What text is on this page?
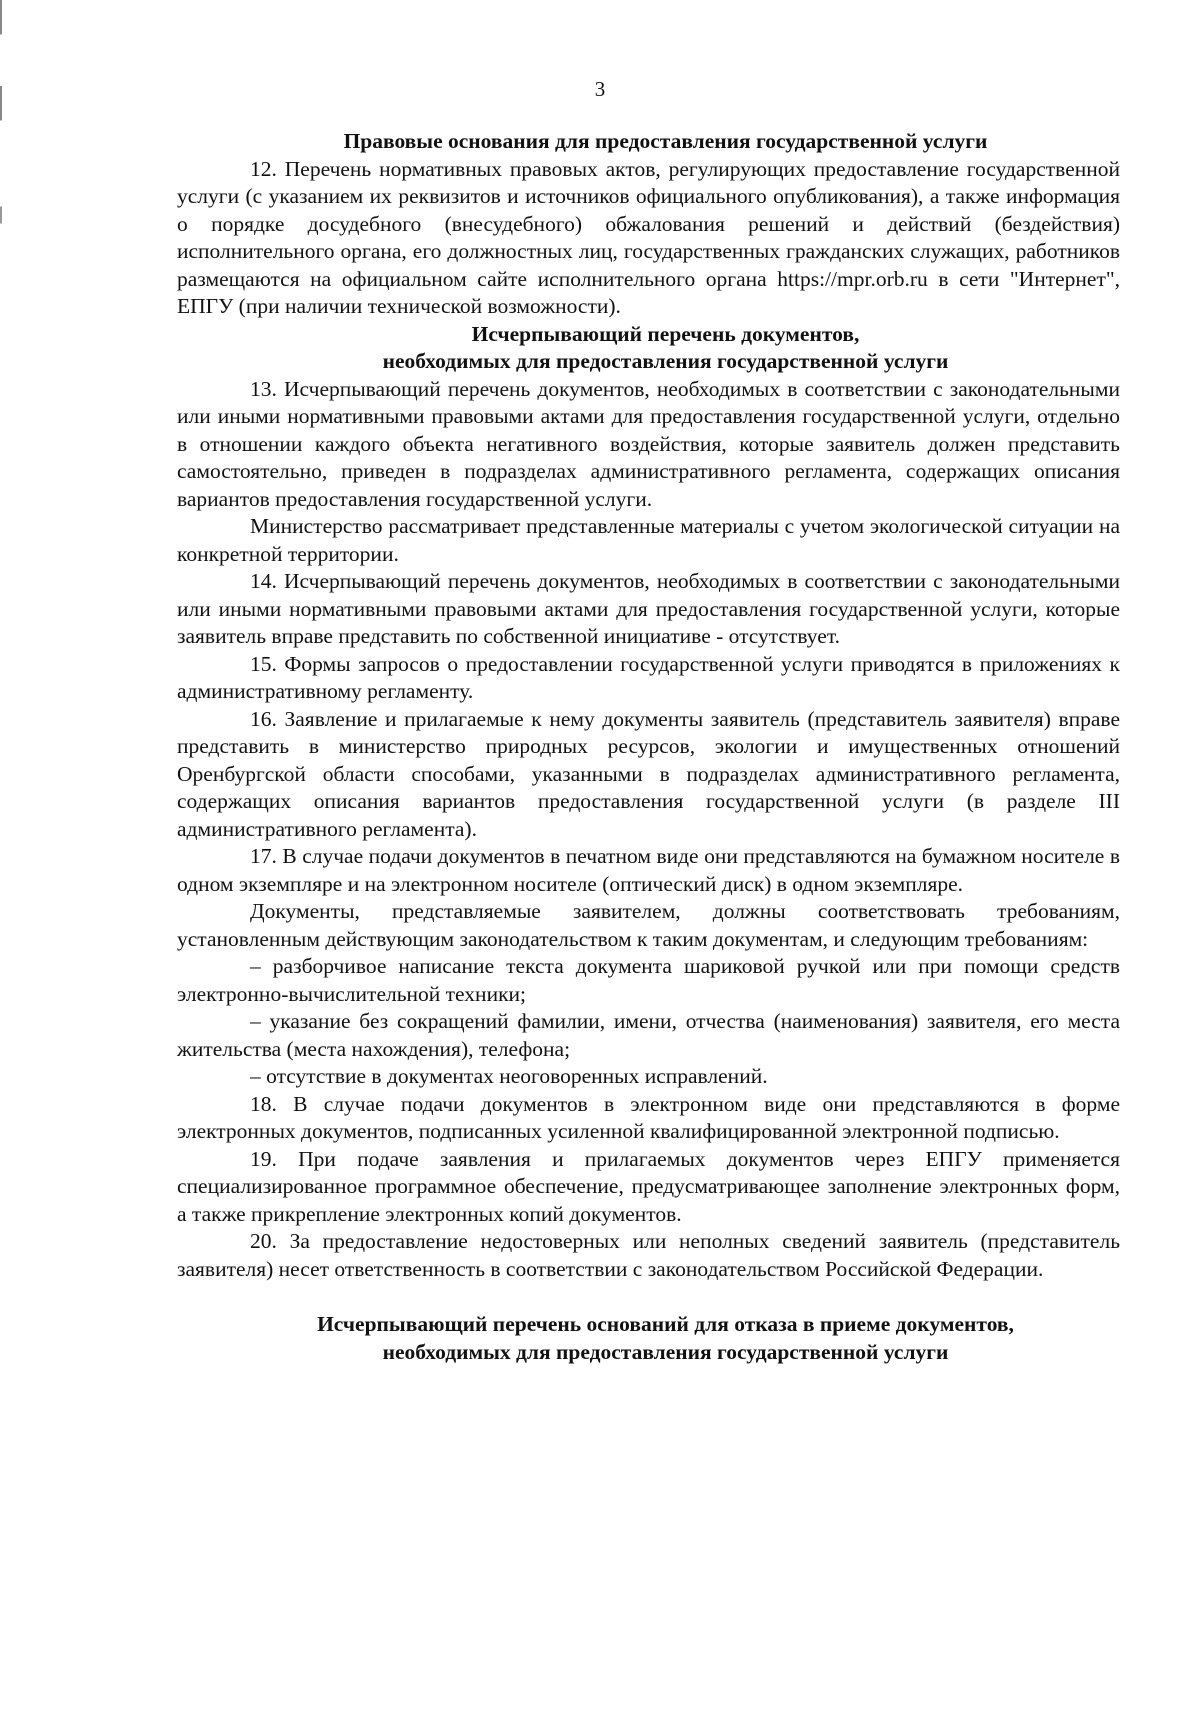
3

Правовые основания для предоставления государственной услуги

12. Перечень нормативных правовых актов, регулирующих предоставление государственной услуги (с указанием их реквизитов и источников официального опубликования), а также информация о порядке досудебного (внесудебного) обжалования решений и действий (бездействия) исполнительного органа, его должностных лиц, государственных гражданских служащих, работников размещаются на официальном сайте исполнительного органа https://mpr.orb.ru в сети "Интернет", ЕПГУ (при наличии технической возможности).

Исчерпывающий перечень документов,

необходимых для предоставления государственной услуги

13. Исчерпывающий перечень документов, необходимых в соответствии с законодательными или иными нормативными правовыми актами для предоставления государственной услуги, отдельно в отношении каждого объекта негативного воздействия, которые заявитель должен представить самостоятельно, приведен в подразделах административного регламента, содержащих описания вариантов предоставления государственной услуги.

Министерство рассматривает представленные материалы с учетом экологической ситуации на конкретной территории.

14. Исчерпывающий перечень документов, необходимых в соответствии с законодательными или иными нормативными правовыми актами для предоставления государственной услуги, которые заявитель вправе представить по собственной инициативе - отсутствует.

15. Формы запросов о предоставлении государственной услуги приводятся в приложениях к административному регламенту.

16. Заявление и прилагаемые к нему документы заявитель (представитель заявителя) вправе представить в министерство природных ресурсов, экологии и имущественных отношений Оренбургской области способами, указанными в подразделах административного регламента, содержащих описания вариантов предоставления государственной услуги (в разделе III административного регламента).

17. В случае подачи документов в печатном виде они представляются на бумажном носителе в одном экземпляре и на электронном носителе (оптический диск) в одном экземпляре.

Документы, представляемые заявителем, должны соответствовать требованиям, установленным действующим законодательством к таким документам, и следующим требованиям:

– разборчивое написание текста документа шариковой ручкой или при помощи средств электронно-вычислительной техники;

– указание без сокращений фамилии, имени, отчества (наименования) заявителя, его места жительства (места нахождения), телефона;

– отсутствие в документах неоговоренных исправлений.

18. В случае подачи документов в электронном виде они представляются в форме электронных документов, подписанных усиленной квалифицированной электронной подписью.

19. При подаче заявления и прилагаемых документов через ЕПГУ применяется специализированное программное обеспечение, предусматривающее заполнение электронных форм, а также прикрепление электронных копий документов.

20. За предоставление недостоверных или неполных сведений заявитель (представитель заявителя) несет ответственность в соответствии с законодательством Российской Федерации.

Исчерпывающий перечень оснований для отказа в приеме документов,

необходимых для предоставления государственной услуги
